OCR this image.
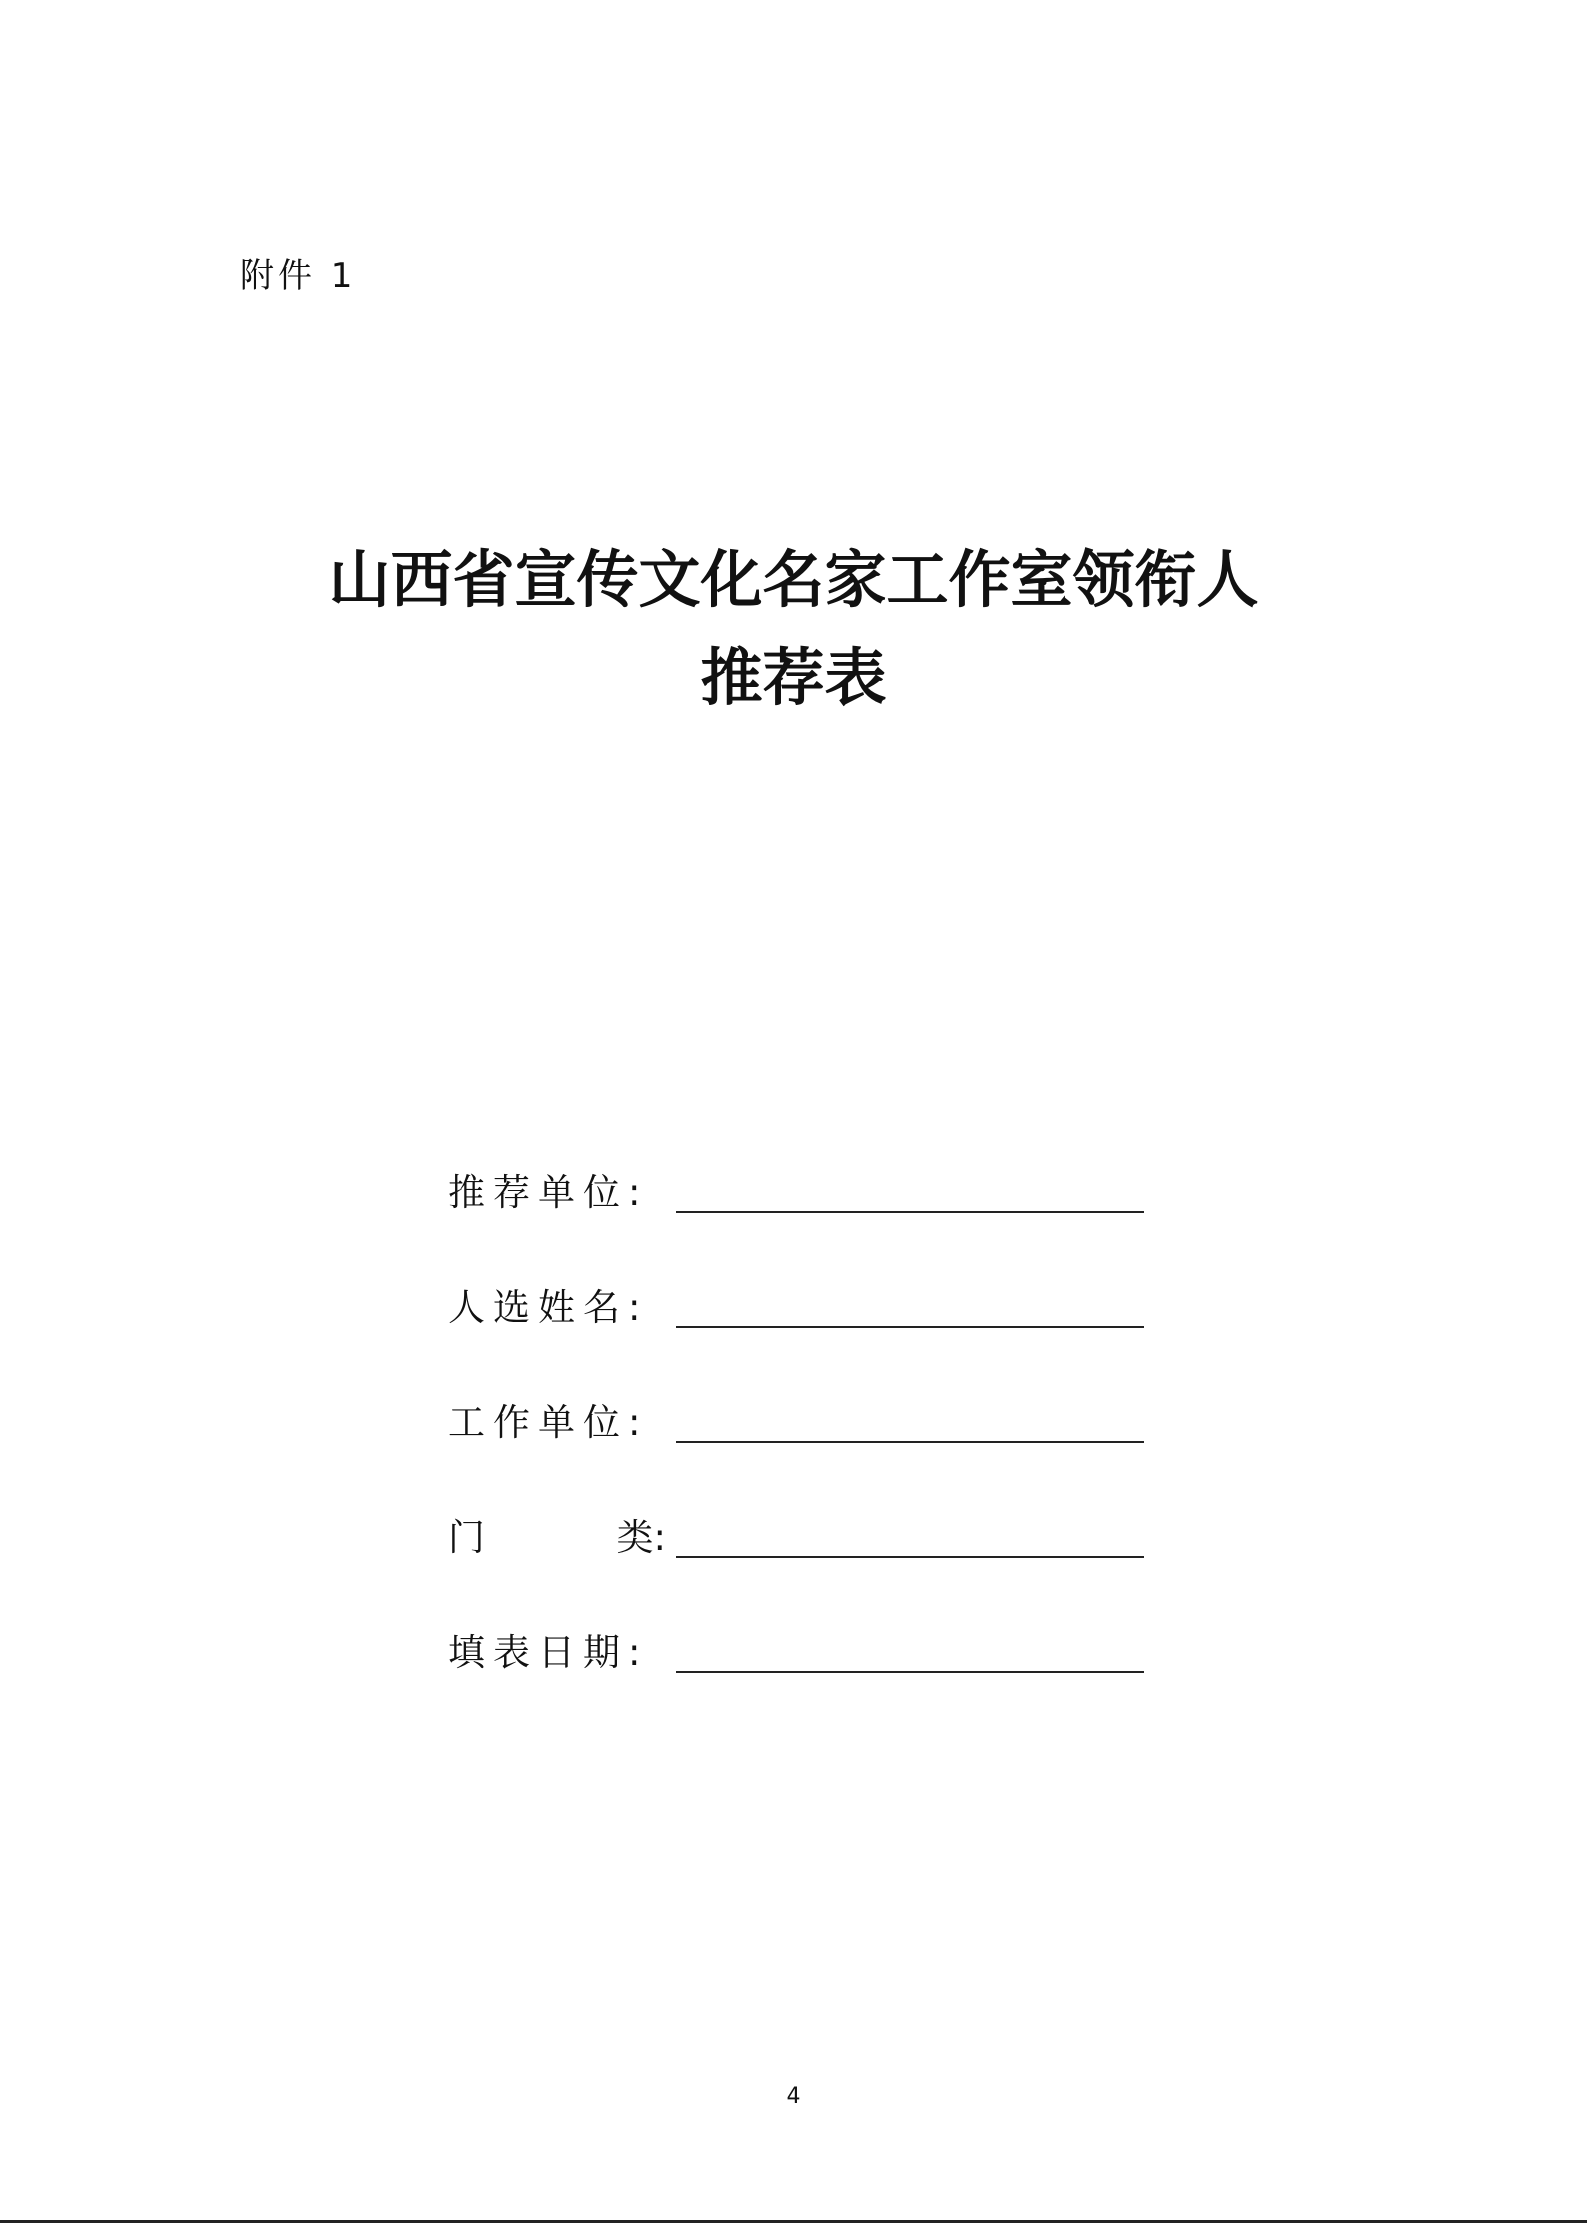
附件 1
山西省宣传文化名家工作室领衔人
推荐表
推荐单位:
人选姓名:
工作单位:
门	类:
填表日期:
4
